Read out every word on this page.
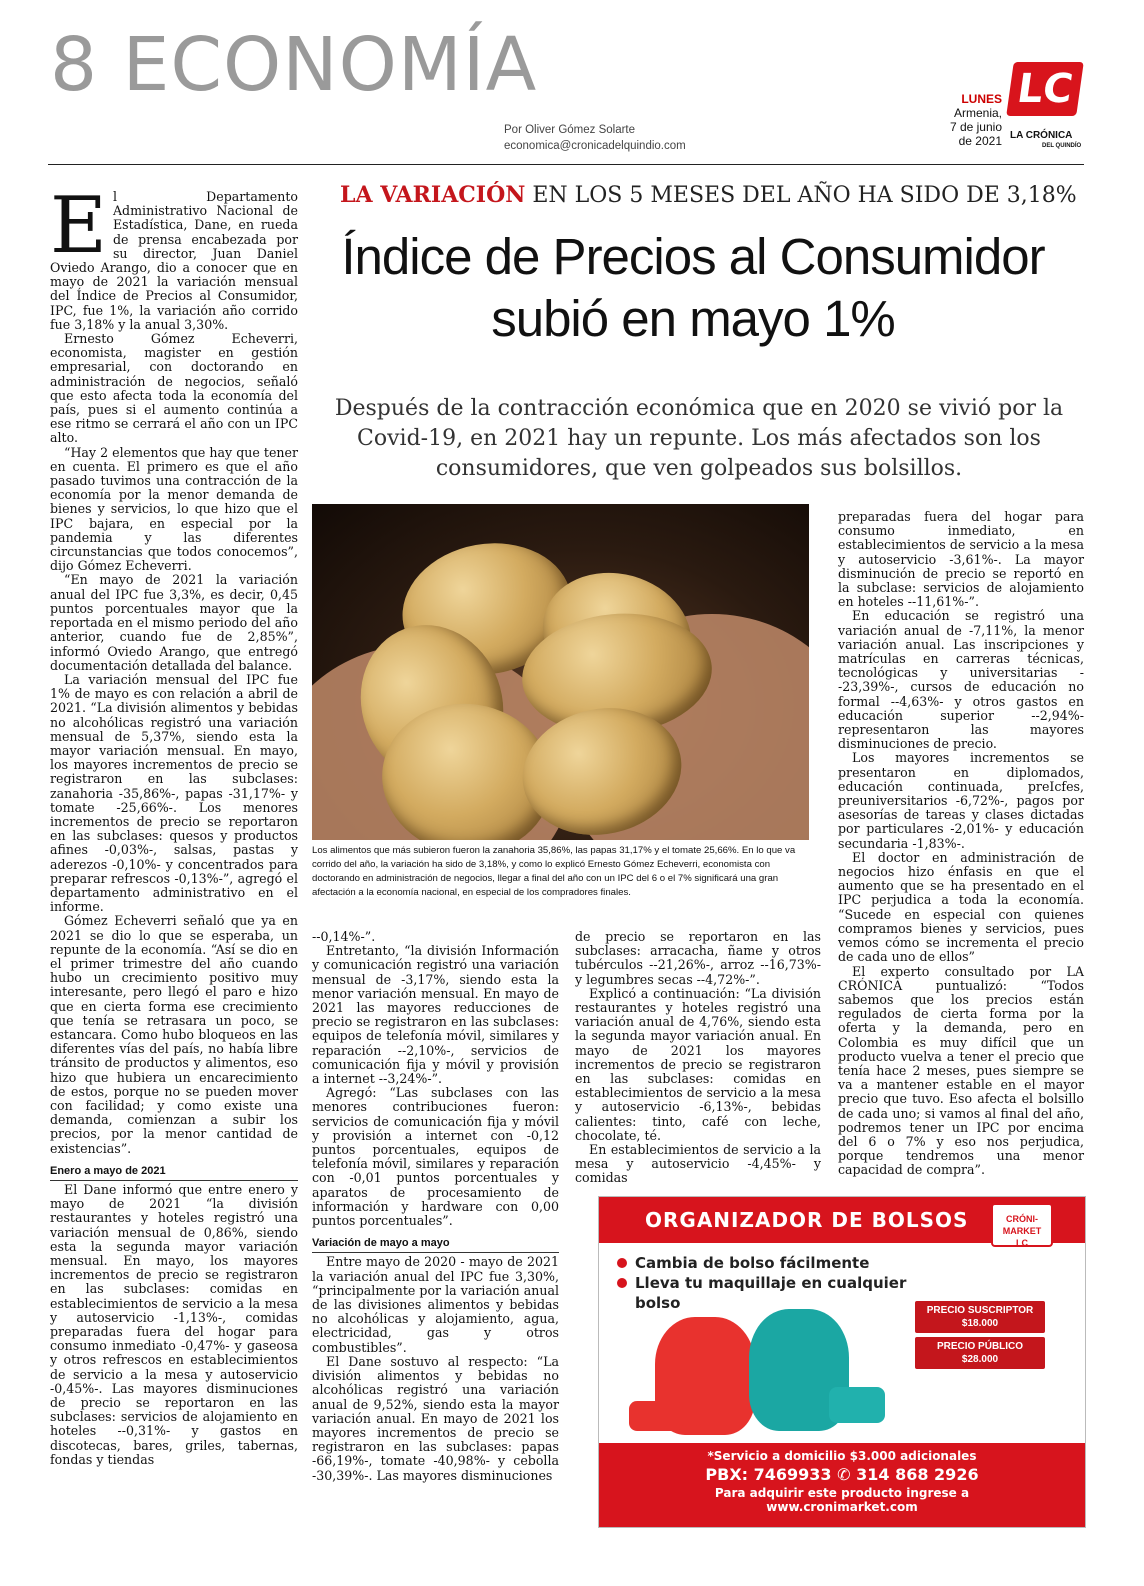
8 ECONOMÍA
Por Oliver Gómez Solarte
economica@cronicadelquindio.com
LUNES
Armenia,
7 de junio
de 2021
LC
LA CRÓNICA
DEL QUINDÍO
LA VARIACIÓN EN LOS 5 MESES DEL AÑO HA SIDO DE 3,18%
Índice de Precios al Consumidor
subió en mayo 1%
Después de la contracción económica que en 2020 se vivió por la Covid-19, en 2021 hay un repunte. Los más afectados son los consumidores, que ven golpeados sus bolsillos.
E l Departamento Administrativo Nacional de Estadística, Dane, en rueda de prensa encabezada por su director, Juan Daniel Oviedo Arango, dio a conocer que en mayo de 2021 la variación mensual del Índice de Precios al Consumidor, IPC, fue 1%, la variación año corrido fue 3,18% y la anual 3,30%.

Ernesto Gómez Echeverri, economista, magister en gestión empresarial, con doctorando en administración de negocios, señaló que esto afecta toda la economía del país, pues si el aumento continúa a ese ritmo se cerrará el año con un IPC alto.

“Hay 2 elementos que hay que tener en cuenta. El primero es que el año pasado tuvimos una contracción de la economía por la menor demanda de bienes y servicios, lo que hizo que el IPC bajara, en especial por la pandemia y las diferentes circunstancias que todos conocemos”, dijo Gómez Echeverri.

“En mayo de 2021 la variación anual del IPC fue 3,3%, es decir, 0,45 puntos porcentuales mayor que la reportada en el mismo periodo del año anterior, cuando fue de 2,85%”, informó Oviedo Arango, que entregó documentación detallada del balance.

La variación mensual del IPC fue 1% de mayo es con relación a abril de 2021. “La división alimentos y bebidas no alcohólicas registró una variación mensual de 5,37%, siendo esta la mayor variación mensual. En mayo, los mayores incrementos de precio se registraron en las subclases: zanahoria -35,86%-, papas -31,17%- y tomate -25,66%-. Los menores incrementos de precio se reportaron en las subclases: quesos y productos afines -0,03%-, salsas, pastas y aderezos -0,10%- y concentrados para preparar refrescos -0,13%-”, agregó el departamento administrativo en el informe.

Gómez Echeverri señaló que ya en 2021 se dio lo que se esperaba, un repunte de la economía. “Así se dio en el primer trimestre del año cuando hubo un crecimiento positivo muy interesante, pero llegó el paro e hizo que en cierta forma ese crecimiento que tenía se retrasara un poco, se estancara. Como hubo bloqueos en las diferentes vías del país, no había libre tránsito de productos y alimentos, eso hizo que hubiera un encarecimiento de estos, porque no se pueden mover con facilidad; y como existe una demanda, comienzan a subir los precios, por la menor cantidad de existencias”.

Enero a mayo de 2021

El Dane informó que entre enero y mayo de 2021 “la división restaurantes y hoteles registró una variación mensual de 0,86%, siendo esta la segunda mayor variación mensual. En mayo, los mayores incrementos de precio se registraron en las subclases: comidas en establecimientos de servicio a la mesa y autoservicio -1,13%-, comidas preparadas fuera del hogar para consumo inmediato -0,47%- y gaseosa y otros refrescos en establecimientos de servicio a la mesa y autoservicio -0,45%-. Las mayores disminuciones de precio se reportaron en las subclases: servicios de alojamiento en hoteles --0,31%- y gastos en discotecas, bares, griles, tabernas, fondas y tiendas

Los alimentos que más subieron fueron la zanahoria 35,86%, las papas 31,17% y el tomate 25,66%. En lo que va corrido del año, la variación ha sido de 3,18%, y como lo explicó Ernesto Gómez Echeverri, economista con doctorando en administración de negocios, llegar a final del año con un IPC del 6 o el 7% significará una gran afectación a la economía nacional, en especial de los compradores finales.

--0,14%-”.

Entretanto, “la división Información y comunicación registró una variación mensual de -3,17%, siendo esta la menor variación mensual. En mayo de 2021 las mayores reducciones de precio se registraron en las subclases: equipos de telefonía móvil, similares y reparación --2,10%-, servicios de comunicación fija y móvil y provisión a internet --3,24%-”.

Agregó: “Las subclases con las menores contribuciones fueron: servicios de comunicación fija y móvil y provisión a internet con -0,12 puntos porcentuales, equipos de telefonía móvil, similares y reparación con -0,01 puntos porcentuales y aparatos de procesamiento de información y hardware con 0,00 puntos porcentuales”.

Variación de mayo a mayo

Entre mayo de 2020 - mayo de 2021 la variación anual del IPC fue 3,30%, “principalmente por la variación anual de las divisiones alimentos y bebidas no alcohólicas y alojamiento, agua, electricidad, gas y otros combustibles”.

El Dane sostuvo al respecto: “La división alimentos y bebidas no alcohólicas registró una variación anual de 9,52%, siendo esta la mayor variación anual. En mayo de 2021 los mayores incrementos de precio se registraron en las subclases: papas -66,19%-, tomate -40,98%- y cebolla -30,39%-. Las mayores disminuciones

de precio se reportaron en las subclases: arracacha, ñame y otros tubérculos --21,26%-, arroz --16,73%- y legumbres secas --4,72%-”.

Explicó a continuación: “La división restaurantes y hoteles registró una variación anual de 4,76%, siendo esta la segunda mayor variación anual. En mayo de 2021 los mayores incrementos de precio se registraron en las subclases: comidas en establecimientos de servicio a la mesa y autoservicio -6,13%-, bebidas calientes: tinto, café con leche, chocolate, té.

En establecimientos de servicio a la mesa y autoservicio -4,45%- y comidas

preparadas fuera del hogar para consumo inmediato, en establecimientos de servicio a la mesa y autoservicio -3,61%-. La mayor disminución de precio se reportó en la subclase: servicios de alojamiento en hoteles --11,61%-”.

En educación se registró una variación anual de -7,11%, la menor variación anual. Las inscripciones y matrículas en carreras técnicas, tecnológicas y universitarias --23,39%-, cursos de educación no formal --4,63%- y otros gastos en educación superior --2,94%- representaron las mayores disminuciones de precio.

Los mayores incrementos se presentaron en diplomados, educación continuada, preIcfes, preuniversitarios -6,72%-, pagos por asesorías de tareas y clases dictadas por particulares -2,01%- y educación secundaria -1,83%-.

El doctor en administración de negocios hizo énfasis en que el aumento que se ha presentado en el IPC perjudica a toda la economía. “Sucede en especial con quienes compramos bienes y servicios, pues vemos cómo se incrementa el precio de cada uno de ellos”

El experto consultado por LA CRÓNICA puntualizó: “Todos sabemos que los precios están regulados de cierta forma por la oferta y la demanda, pero en Colombia es muy difícil que un producto vuelva a tener el precio que tenía hace 2 meses, pues siempre se va a mantener estable en el mayor precio que tuvo. Eso afecta el bolsillo de cada uno; si vamos al final del año, podremos tener un IPC por encima del 6 o 7% y eso nos perjudica, porque tendremos una menor capacidad de compra”.

ORGANIZADOR DE BOLSOS	CRÓNI-MARKET
LC
Cambia de bolso fácilmente
Lleva tu maquillaje en cualquier bolso	PRECIO SUSCRIPTOR
$18.000
PRECIO PÚBLICO
$28.000
*Servicio a domicilio $3.000 adicionales
PBX: 7469933 ✆ 314 868 2926
Para adquirir este producto ingrese a
www.cronimarket.com
